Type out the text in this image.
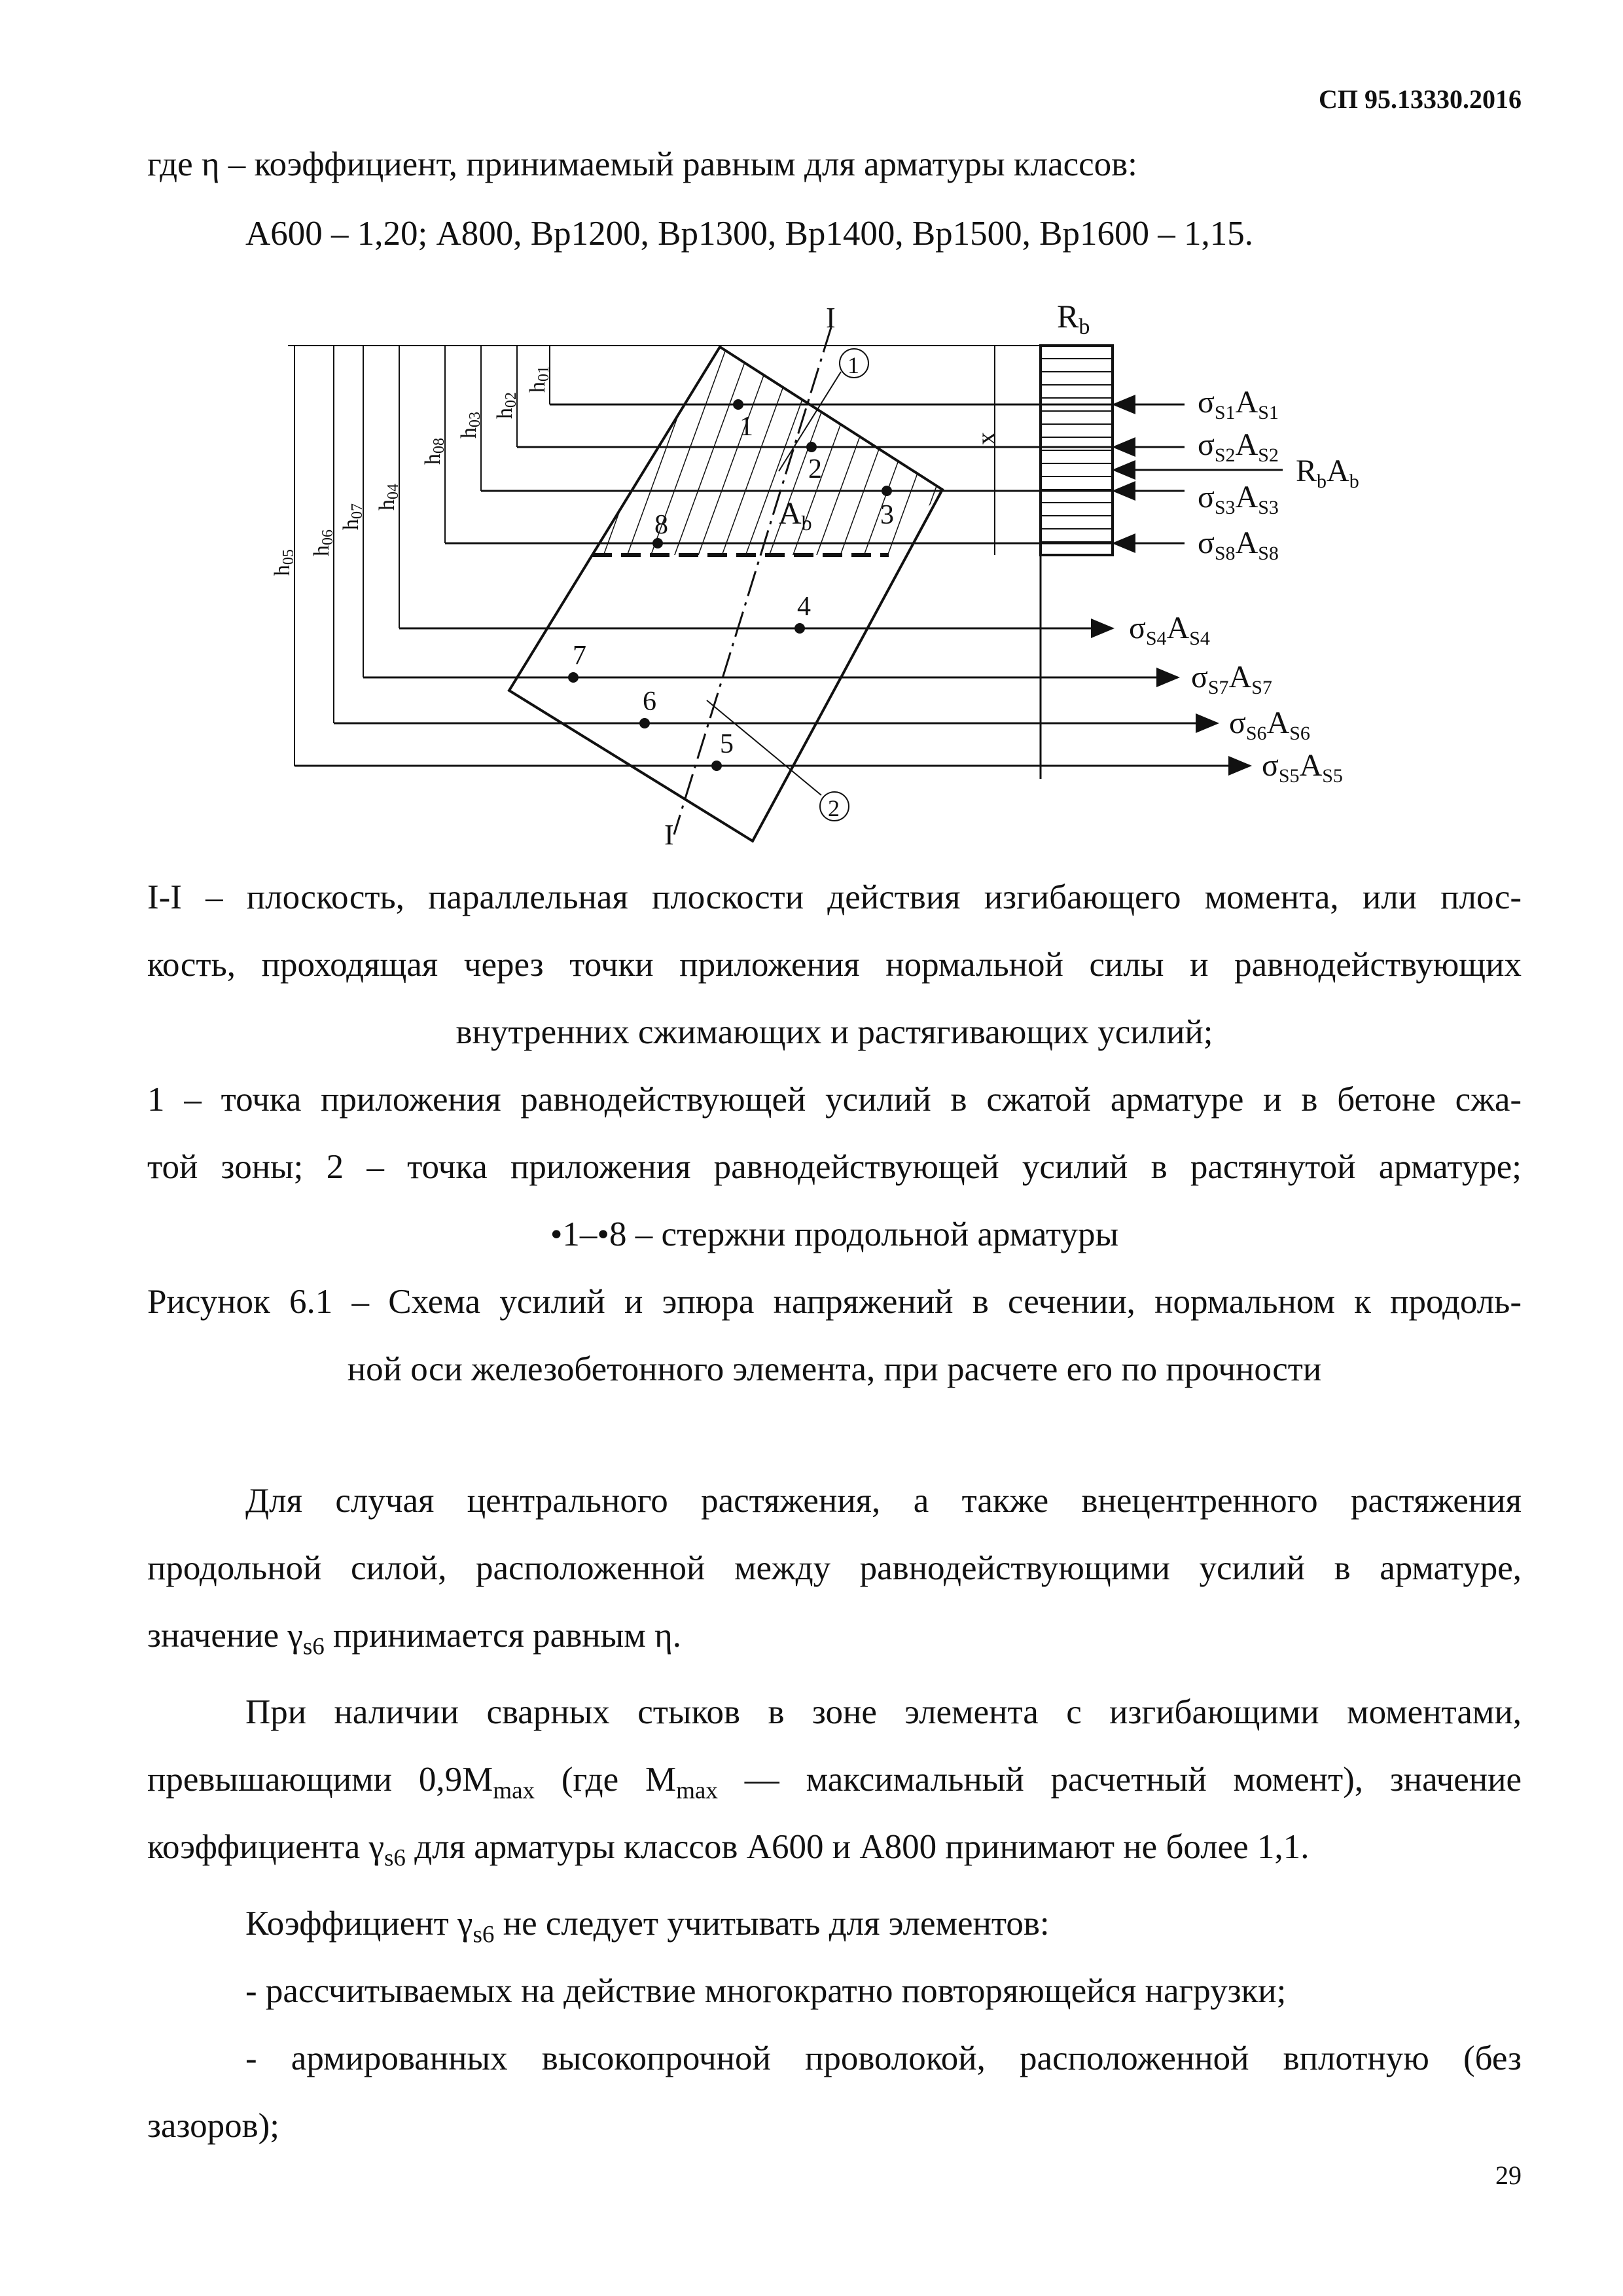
СП 95.13330.2016
где η – коэффициент, принимаемый равным для арматуры классов:
А600 – 1,20; А800, Вр1200, Вр1300, Вр1400, Вр1500, Вр1600 – 1,15.
I
I
$R_b$
x
h01
h02
h03
h08
h04
h07
h06
h05
1
2
3
8
4
7
6
5
$A_b$
1
2
$\sigma_{S1}A_{S1}$
$\sigma_{S2}A_{S2}$
$\sigma_{S3}A_{S3}$
$\sigma_{S8}A_{S8}$
$\sigma_{S4}A_{S4}$
$\sigma_{S7}A_{S7}$
$\sigma_{S6}A_{S6}$
$\sigma_{S5}A_{S5}$
$R_bA_b$
I-I – плоскость, параллельная плоскости действия изгибающего момента, или плос-
кость, проходящая через точки приложения нормальной силы и равнодействующих
внутренних сжимающих и растягивающих усилий;
1 – точка приложения равнодействующей усилий в сжатой арматуре и в бетоне сжа-
той зоны; 2 – точка приложения равнодействующей усилий в растянутой арматуре;
•1–•8 – стержни продольной арматуры
Рисунок 6.1 – Схема усилий и эпюра напряжений в сечении, нормальном к продоль-
ной оси железобетонного элемента, при расчете его по прочности
Для случая центрального растяжения, а также внецентренного растяжения
продольной силой, расположенной между равнодействующими усилий в арматуре,
значение $\gamma_{s6}$ принимается равным η.
При наличии сварных стыков в зоне элемента с изгибающими моментами,
превышающими $0,9M_{max}$ (где $M_{max}$ — максимальный расчетный момент), значение
коэффициента $\gamma_{s6}$ для арматуры классов А600 и А800 принимают не более 1,1.
Коэффициент $\gamma_{s6}$ не следует учитывать для элементов:
- рассчитываемых на действие многократно повторяющейся нагрузки;
- армированных высокопрочной проволокой, расположенной вплотную (без
зазоров);
29
